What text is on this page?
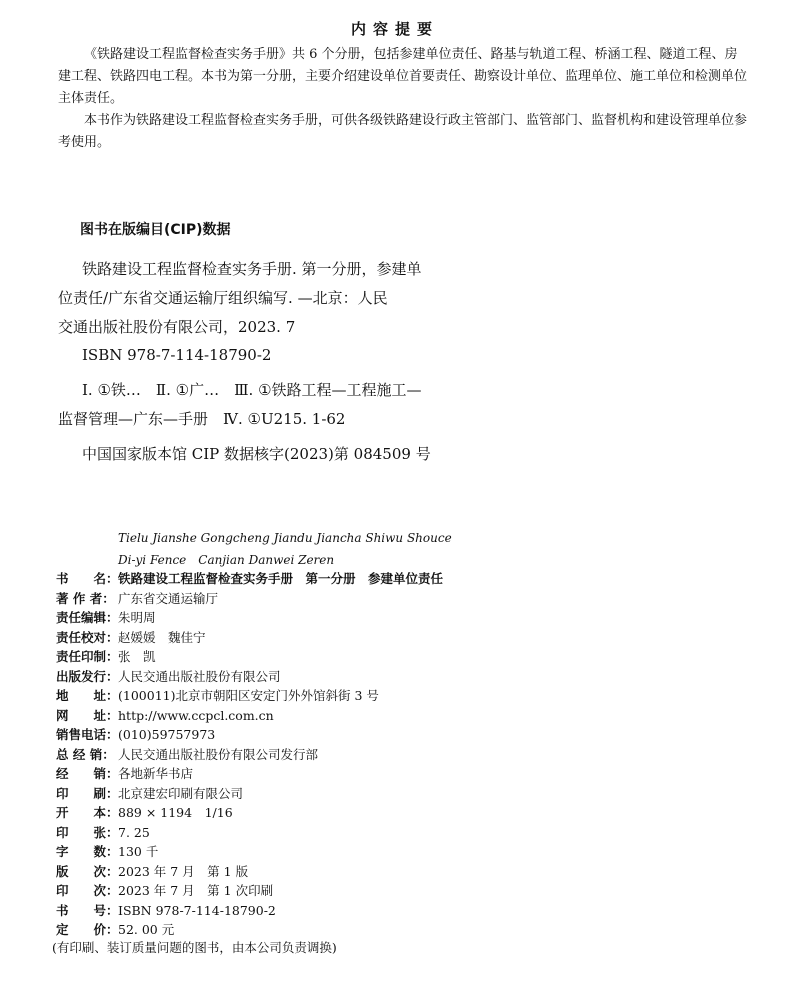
内容提要
《铁路建设工程监督检查实务手册》共 6 个分册，包括参建单位责任、路基与轨道工程、桥涵工程、隧道工程、房建工程、铁路四电工程。本书为第一分册，主要介绍建设单位首要责任、勘察设计单位、监理单位、施工单位和检测单位主体责任。
本书作为铁路建设工程监督检查实务手册，可供各级铁路建设行政主管部门、监管部门、监督机构和建设管理单位参考使用。
图书在版编目(CIP)数据
铁路建设工程监督检查实务手册. 第一分册，参建单
位责任/广东省交通运输厅组织编写. —北京：人民
交通出版社股份有限公司，2023. 7
ISBN 978-7-114-18790-2
Ⅰ. ①铁…　Ⅱ. ①广…　Ⅲ. ①铁路工程—工程施工—
监督管理—广东—手册　Ⅳ. ①U215. 1-62
中国国家版本馆 CIP 数据核字(2023)第 084509 号
Tielu Jianshe Gongcheng Jiandu Jiancha Shiwu Shouce
Di-yi Fence　Canjian Danwei Zeren
书　　名： 铁路建设工程监督检查实务手册　第一分册　参建单位责任
著 作 者： 广东省交通运输厅
责任编辑： 朱明周
责任校对： 赵媛媛　魏佳宁
责任印制： 张　凯
出版发行： 人民交通出版社股份有限公司
地　　址： (100011)北京市朝阳区安定门外外馆斜街 3 号
网　　址： http://www.ccpcl.com.cn
销售电话： (010)59757973
总 经 销： 人民交通出版社股份有限公司发行部
经　　销： 各地新华书店
印　　刷： 北京建宏印刷有限公司
开　　本： 889 × 1194　1/16
印　　张： 7. 25
字　　数： 130 千
版　　次： 2023 年 7 月　第 1 版
印　　次： 2023 年 7 月　第 1 次印刷
书　　号： ISBN 978-7-114-18790-2
定　　价： 52. 00 元
(有印刷、装订质量问题的图书，由本公司负责调换)
